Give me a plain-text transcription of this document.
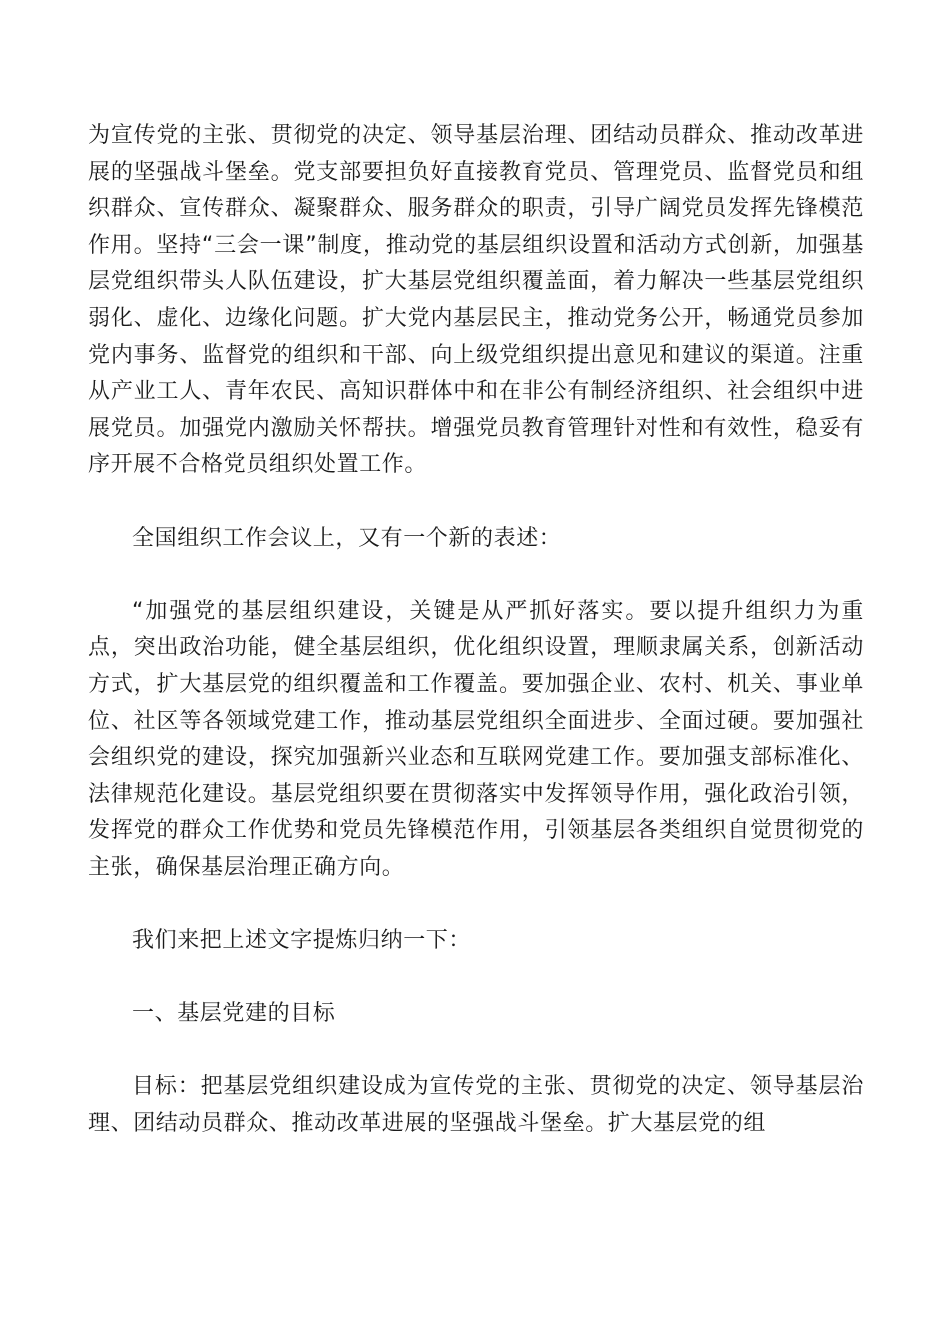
为宣传党的主张、贯彻党的决定、领导基层治理、团结动员群众、推动改革进展的坚强战斗堡垒。党支部要担负好直接教育党员、管理党员、监督党员和组织群众、宣传群众、凝聚群众、服务群众的职责，引导广阔党员发挥先锋模范作用。坚持“三会一课”制度，推动党的基层组织设置和活动方式创新，加强基层党组织带头人队伍建设，扩大基层党组织覆盖面，着力解决一些基层党组织弱化、虚化、边缘化问题。扩大党内基层民主，推动党务公开，畅通党员参加党内事务、监督党的组织和干部、向上级党组织提出意见和建议的渠道。注重从产业工人、青年农民、高知识群体中和在非公有制经济组织、社会组织中进展党员。加强党内激励关怀帮扶。增强党员教育管理针对性和有效性，稳妥有序开展不合格党员组织处置工作。

全国组织工作会议上，又有一个新的表述：

“加强党的基层组织建设，关键是从严抓好落实。要以提升组织力为重点，突出政治功能，健全基层组织，优化组织设置，理顺隶属关系，创新活动方式，扩大基层党的组织覆盖和工作覆盖。要加强企业、农村、机关、事业单位、社区等各领域党建工作，推动基层党组织全面进步、全面过硬。要加强社会组织党的建设，探究加强新兴业态和互联网党建工作。要加强支部标准化、法律规范化建设。基层党组织要在贯彻落实中发挥领导作用，强化政治引领，发挥党的群众工作优势和党员先锋模范作用，引领基层各类组织自觉贯彻党的主张，确保基层治理正确方向。

我们来把上述文字提炼归纳一下：

一、基层党建的目标

目标：把基层党组织建设成为宣传党的主张、贯彻党的决定、领导基层治理、团结动员群众、推动改革进展的坚强战斗堡垒。扩大基层党的组
